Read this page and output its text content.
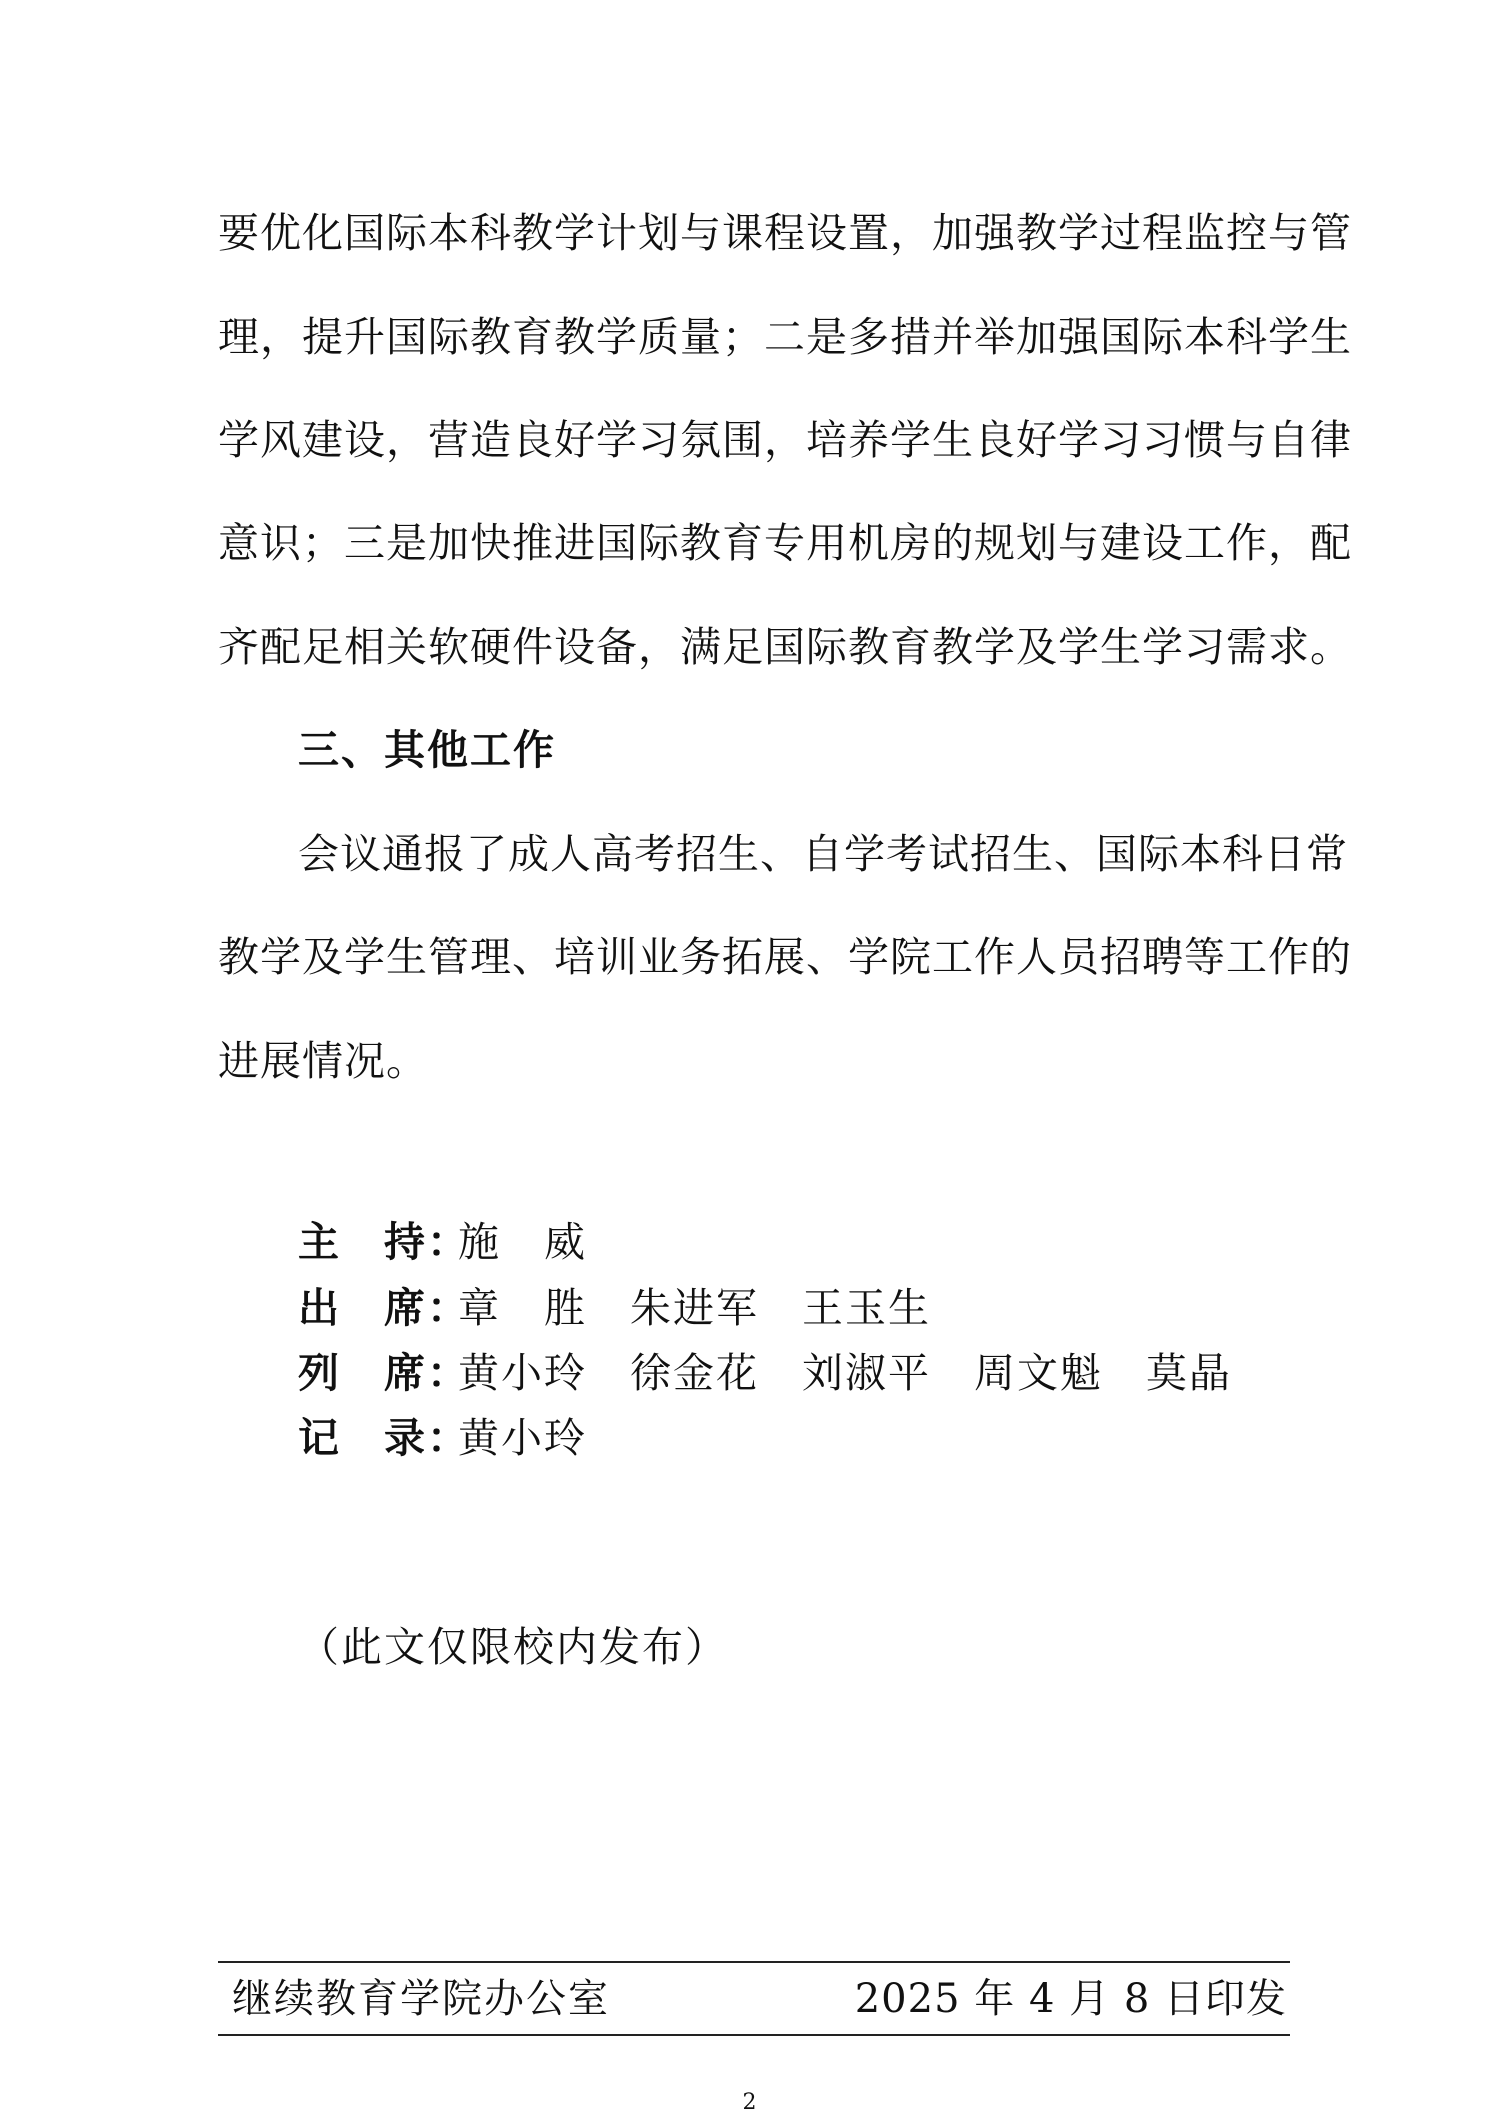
要优化国际本科教学计划与课程设置，加强教学过程监控与管
理，提升国际教育教学质量；二是多措并举加强国际本科学生
学风建设，营造良好学习氛围，培养学生良好学习习惯与自律
意识；三是加快推进国际教育专用机房的规划与建设工作，配
齐配足相关软硬件设备，满足国际教育教学及学生学习需求。
三、其他工作
会议通报了成人高考招生、自学考试招生、国际本科日常
教学及学生管理、培训业务拓展、学院工作人员招聘等工作的
进展情况。
主　持：施　威
出　席：章　胜　朱进军　王玉生
列　席：黄小玲　徐金花　刘淑平　周文魁　莫晶
记　录：黄小玲
（此文仅限校内发布）
继续教育学院办公室	2025 年 4 月 8 日印发
2
